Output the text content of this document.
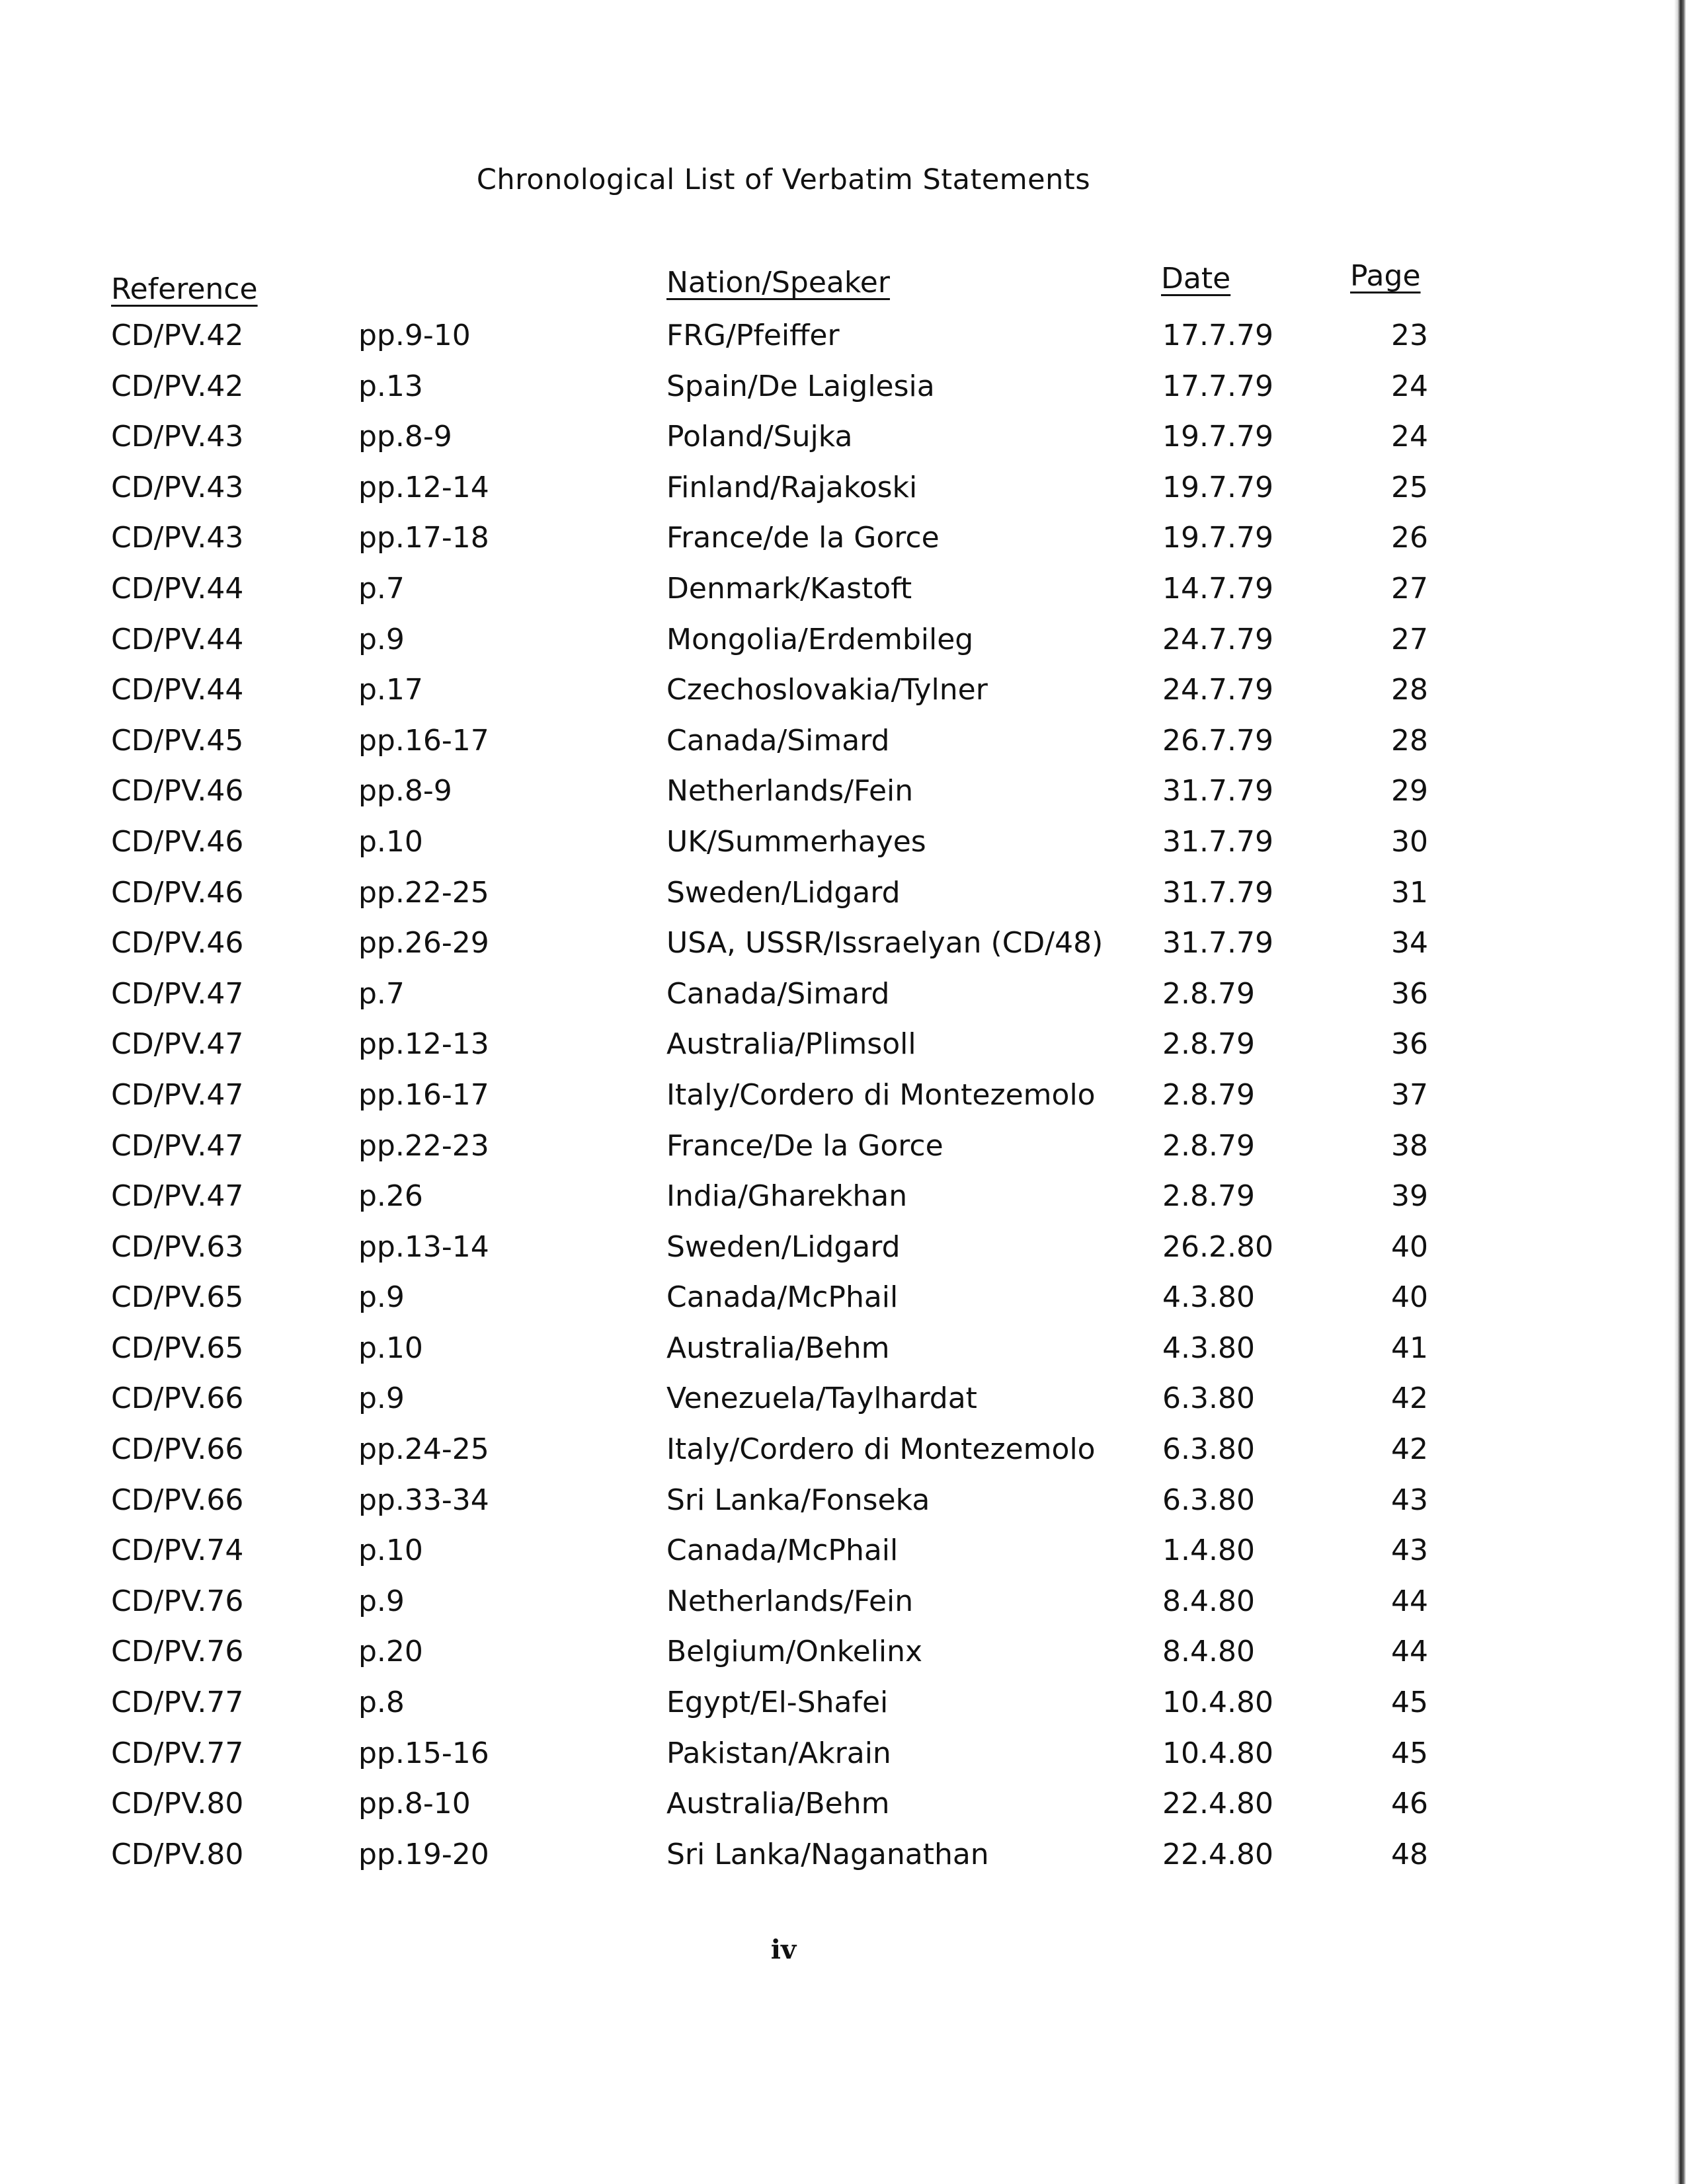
Chronological List of Verbatim Statements
Reference	Nation/Speaker	Date	Page
CD/PV.42	pp.9-10	FRG/Pfeiffer	17.7.79	23
CD/PV.42	p.13	Spain/De Laiglesia	17.7.79	24
CD/PV.43	pp.8-9	Poland/Sujka	19.7.79	24
CD/PV.43	pp.12-14	Finland/Rajakoski	19.7.79	25
CD/PV.43	pp.17-18	France/de la Gorce	19.7.79	26
CD/PV.44	p.7	Denmark/Kastoft	14.7.79	27
CD/PV.44	p.9	Mongolia/Erdembileg	24.7.79	27
CD/PV.44	p.17	Czechoslovakia/Tylner	24.7.79	28
CD/PV.45	pp.16-17	Canada/Simard	26.7.79	28
CD/PV.46	pp.8-9	Netherlands/Fein	31.7.79	29
CD/PV.46	p.10	UK/Summerhayes	31.7.79	30
CD/PV.46	pp.22-25	Sweden/Lidgard	31.7.79	31
CD/PV.46	pp.26-29	USA, USSR/Issraelyan (CD/48) 31.7.79	34
CD/PV.47	p.7	Canada/Simard	2.8.79	36
CD/PV.47	pp.12-13	Australia/Plimsoll	2.8.79	36
CD/PV.47	pp.16-17	Italy/Cordero di Montezemolo 2.8.79	37
CD/PV.47	pp.22-23	France/De la Gorce	2.8.79	38
CD/PV.47	p.26	India/Gharekhan	2.8.79	39
CD/PV.63	pp.13-14	Sweden/Lidgard	26.2.80	40
CD/PV.65	p.9	Canada/McPhail	4.3.80	40
CD/PV.65	p.10	Australia/Behm	4.3.80	41
CD/PV.66	p.9	Venezuela/Taylhardat	6.3.80	42
CD/PV.66	pp.24-25	Italy/Cordero di Montezemolo 6.3.80	42
CD/PV.66	pp.33-34	Sri Lanka/Fonseka	6.3.80	43
CD/PV.74	p.10	Canada/McPhail	1.4.80	43
CD/PV.76	p.9	Netherlands/Fein	8.4.80	44
CD/PV.76	p.20	Belgium/Onkelinx	8.4.80	44
CD/PV.77	p.8	Egypt/El-Shafei	10.4.80	45
CD/PV.77	pp.15-16	Pakistan/Akrain	10.4.80	45
CD/PV.80	pp.8-10	Australia/Behm	22.4.80	46
CD/PV.80	pp.19-20	Sri Lanka/Naganathan	22.4.80	48
iv
